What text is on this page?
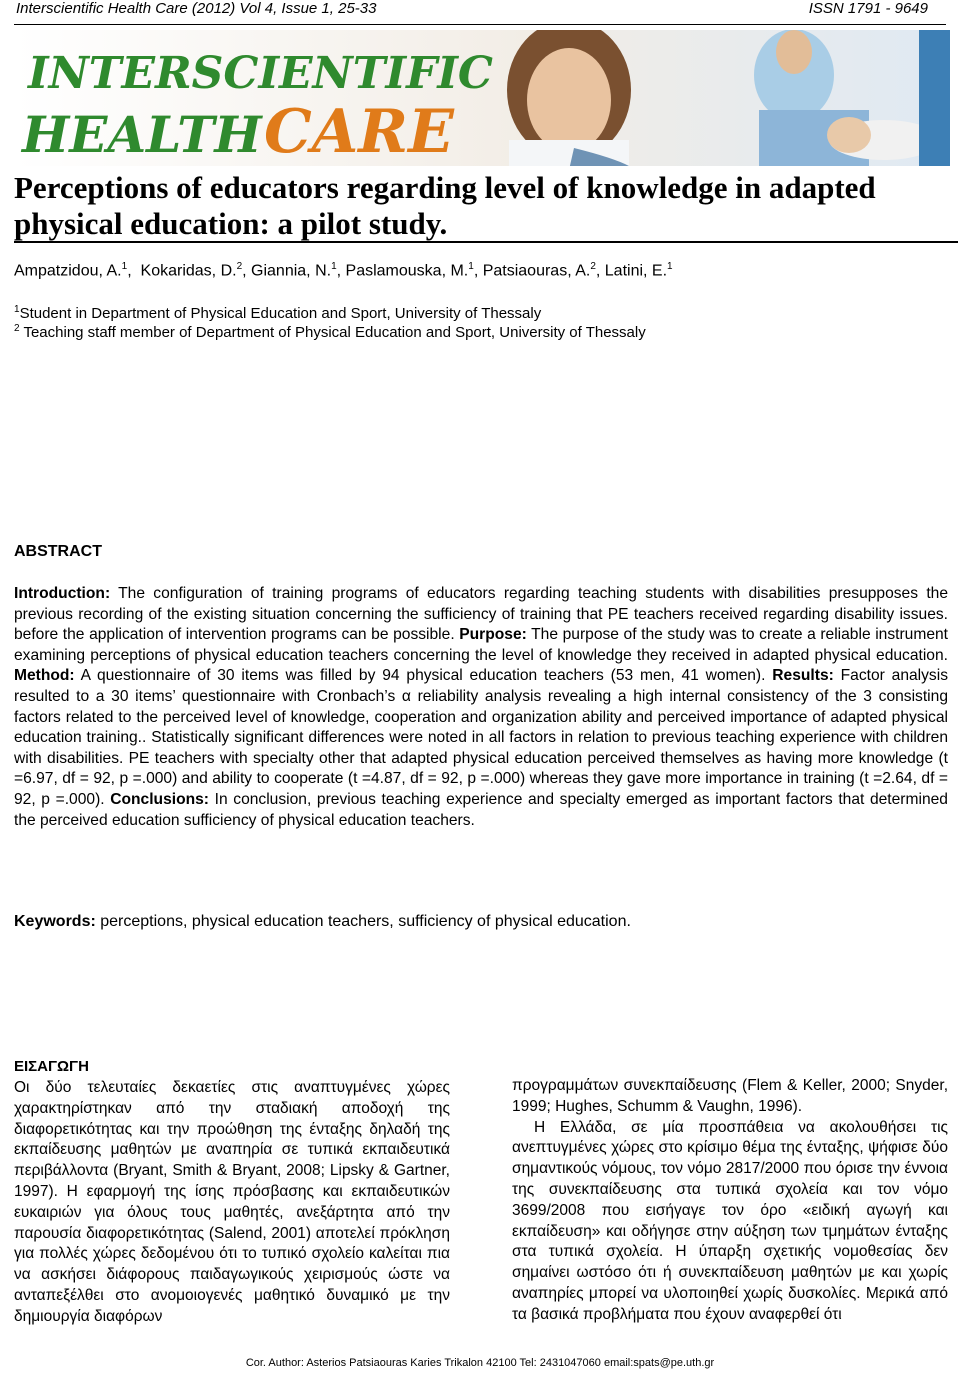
Interscientific Health Care (2012) Vol 4, Issue 1, 25-33	ISSN 1791 - 9649
INTERSCIENTIFIC
HEALTH CARE
Perceptions of educators regarding level of knowledge in adapted physical education: a pilot study.
Ampatzidou, A.$^1$,  Kokaridas, D.$^2$, Giannia, N.$^1$, Paslamouska, M.$^1$, Patsiaouras, A.$^2$, Latini, E.$^1$
$^1$Student in Department of Physical Education and Sport, University of Thessaly
$^2$ Teaching staff member of Department of Physical Education and Sport, University of Thessaly
ABSTRACT
Introduction: The configuration of training programs of educators regarding teaching students with disabilities presupposes the previous recording of the existing situation concerning the sufficiency of training that PE teachers received regarding disability issues. before the application of intervention programs can be possible. Purpose: The purpose of the study was to create a reliable instrument examining perceptions of physical education teachers concerning the level of knowledge they received in adapted physical education. Method: A questionnaire of 30 items was filled by 94 physical education teachers (53 men, 41 women). Results: Factor analysis resulted to a 30 items’ questionnaire with Cronbach’s α reliability analysis revealing a high internal consistency of the 3 consisting factors related to the perceived level of knowledge, cooperation and organization ability and perceived importance of adapted physical education training.. Statistically significant differences were noted in all factors in relation to previous teaching experience with children with disabilities. PE teachers with specialty other that adapted physical education perceived themselves as having more knowledge (t =6.97, df = 92, p =.000) and ability to cooperate (t =4.87, df = 92, p =.000) whereas they gave more importance in training (t =2.64, df = 92, p =.000). Conclusions: In conclusion, previous teaching experience and specialty emerged as important factors that determined the perceived education sufficiency of physical education teachers.
Keywords: perceptions, physical education teachers, sufficiency of physical education.
ΕΙΣΑΓΩΓΗ

Οι δύο τελευταίες δεκαετίες στις αναπτυγμένες χώρες χαρακτηρίστηκαν από την σταδιακή αποδοχή της διαφορετικότητας και την προώθηση της ένταξης δηλαδή της εκπαίδευσης μαθητών με αναπηρία σε τυπικά εκπαιδευτικά περιβάλλοντα (Bryant, Smith & Bryant, 2008; Lipsky & Gartner, 1997). Η εφαρμογή της ίσης πρόσβασης και εκπαιδευτικών ευκαιριών για όλους τους μαθητές, ανεξάρτητα από την παρουσία διαφορετικότητας (Salend, 2001) αποτελεί πρόκληση για πολλές χώρες δεδομένου ότι το τυπικό σχολείο καλείται πια να ασκήσει διάφορους παιδαγωγικούς χειρισμούς ώστε να ανταπεξέλθει στο ανομοιογενές μαθητικό δυναμικό με την δημιουργία διαφόρων

προγραμμάτων συνεκπαίδευσης (Flem & Keller, 2000; Snyder, 1999; Hughes, Schumm & Vaughn, 1996).

Η Ελλάδα, σε μία προσπάθεια να ακολουθήσει τις ανεπτυγμένες χώρες στο κρίσιμο θέμα της ένταξης, ψήφισε δύο σημαντικούς νόμους, τον νόμο 2817/2000 που όρισε την έννοια της συνεκπαίδευσης στα τυπικά σχολεία και τον νόμο 3699/2008 που εισήγαγε τον όρο «ειδική αγωγή και εκπαίδευση» και οδήγησε στην αύξηση των τμημάτων ένταξης στα τυπικά σχολεία. Η ύπαρξη σχετικής νομοθεσίας δεν σημαίνει ωστόσο ότι ή συνεκπαίδευση μαθητών με και χωρίς αναπηρίες μπορεί να υλοποιηθεί χωρίς δυσκολίες. Μερικά από τα βασικά προβλήματα που έχουν αναφερθεί ότι

Cor. Author: Asterios Patsiaouras Karies Trikalon 42100 Tel: 2431047060 email:spats@pe.uth.gr
